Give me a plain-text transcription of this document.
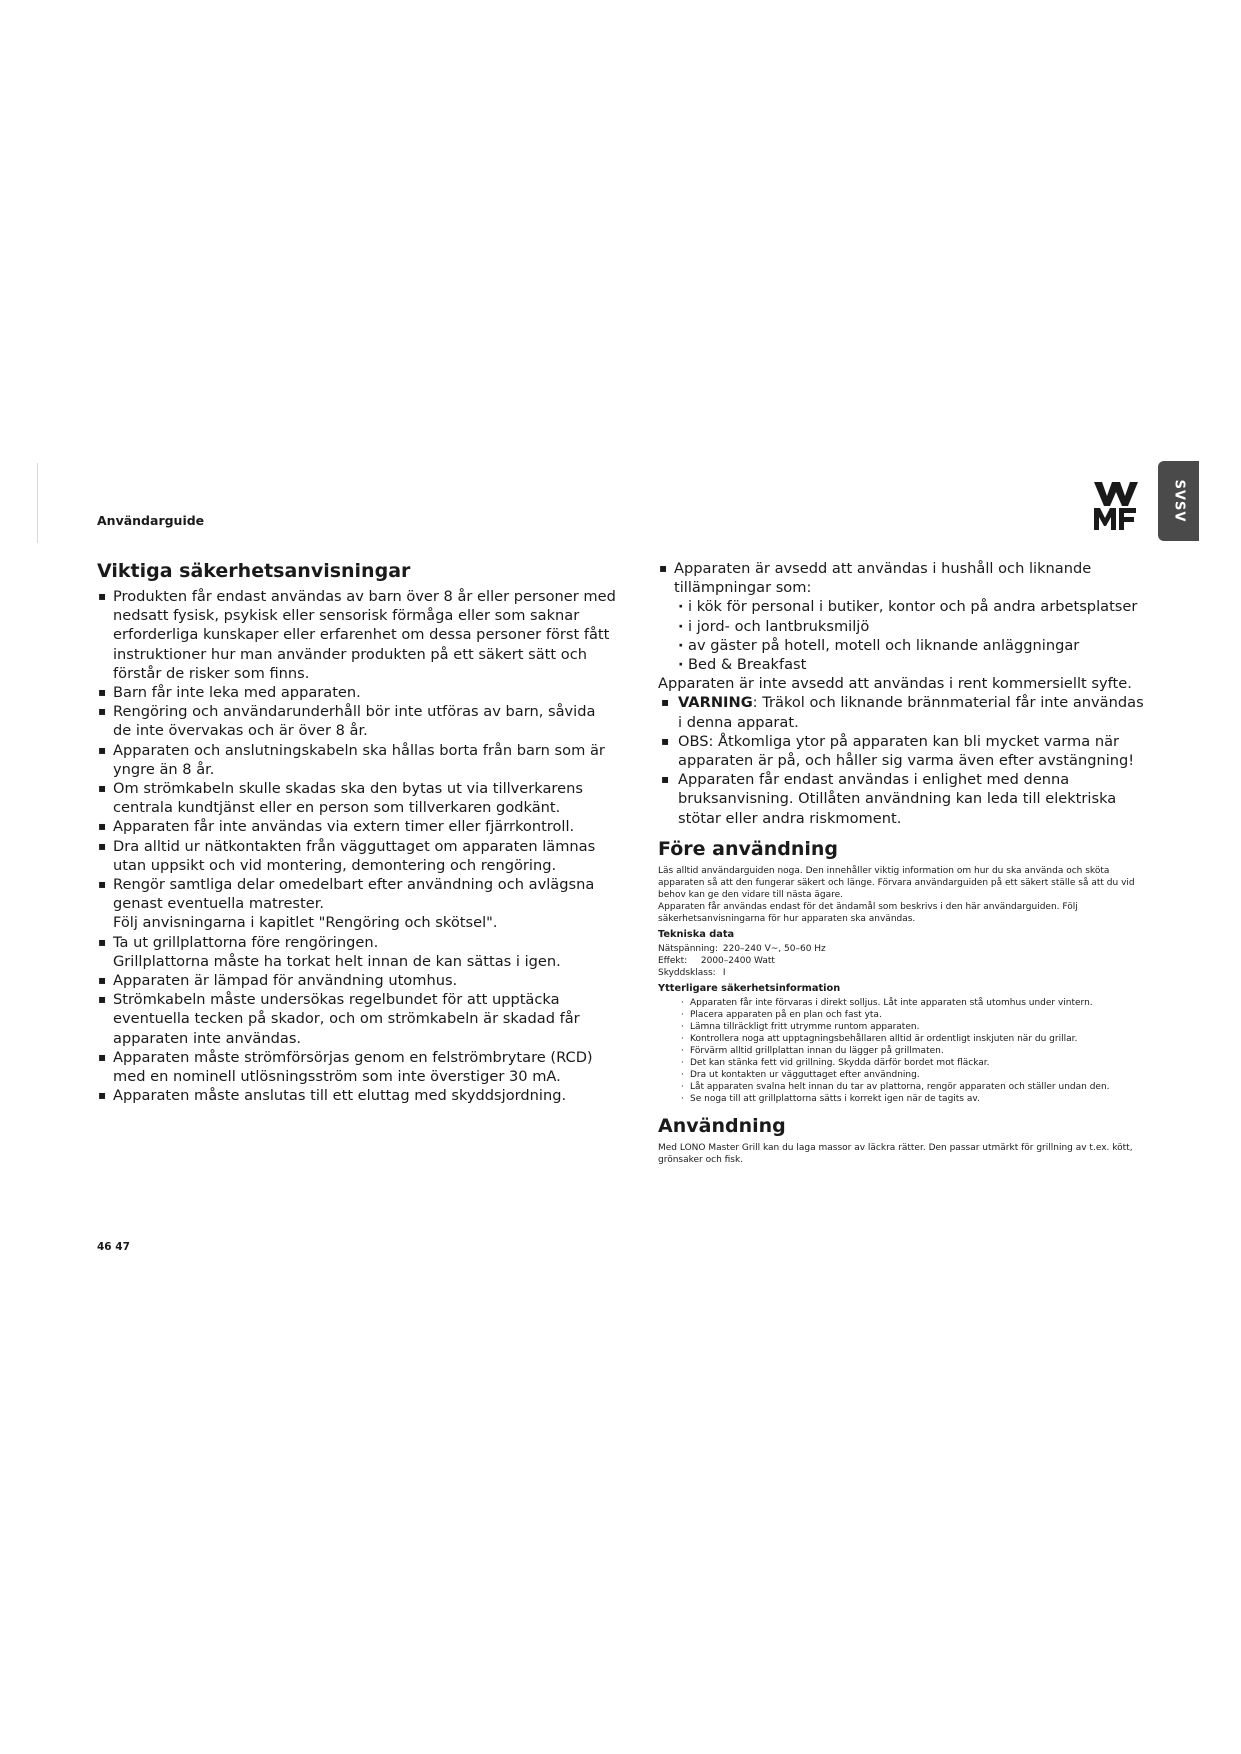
Användarguide	SVSV
Viktiga säkerhetsanvisningar
▪ Produkten får endast användas av barn över 8 år eller personer med nedsatt fysisk, psykisk eller sensorisk förmåga eller som saknar erforderliga kunskaper eller erfarenhet om dessa personer först fått instruktioner hur man använder produkten på ett säkert sätt och förstår de risker som finns.
▪ Barn får inte leka med apparaten.
▪ Rengöring och användarunderhåll bör inte utföras av barn, såvida de inte övervakas och är över 8 år.
▪ Apparaten och anslutningskabeln ska hållas borta från barn som är yngre än 8 år.
▪ Om strömkabeln skulle skadas ska den bytas ut via tillverkarens centrala kundtjänst eller en person som tillverkaren godkänt.
▪ Apparaten får inte användas via extern timer eller fjärrkontroll.
▪ Dra alltid ur nätkontakten från vägguttaget om apparaten lämnas utan uppsikt och vid montering, demontering och rengöring.
▪ Rengör samtliga delar omedelbart efter användning och avlägsna genast eventuella matrester.
Följ anvisningarna i kapitlet "Rengöring och skötsel".
▪ Ta ut grillplattorna före rengöringen.
Grillplattorna måste ha torkat helt innan de kan sättas i igen.
▪ Apparaten är lämpad för användning utomhus.
▪ Strömkabeln måste undersökas regelbundet för att upptäcka eventuella tecken på skador, och om strömkabeln är skadad får apparaten inte användas.
▪ Apparaten måste strömförsörjas genom en felströmbrytare (RCD) med en nominell utlösningsström som inte överstiger 30 mA.
▪ Apparaten måste anslutas till ett eluttag med skyddsjordning.
▪ Apparaten är avsedd att användas i hushåll och liknande tillämpningar som:
· i kök för personal i butiker, kontor och på andra arbetsplatser
· i jord- och lantbruksmiljö
· av gäster på hotell, motell och liknande anläggningar
· Bed & Breakfast
Apparaten är inte avsedd att användas i rent kommersiellt syfte.
▪ VARNING: Träkol och liknande brännmaterial får inte användas i denna apparat.
▪ OBS: Åtkomliga ytor på apparaten kan bli mycket varma när apparaten är på, och håller sig varma även efter avstängning!
▪ Apparaten får endast användas i enlighet med denna bruksanvisning. Otillåten användning kan leda till elektriska stötar eller andra riskmoment.
Före användning
Läs alltid användarguiden noga. Den innehåller viktig information om hur du ska använda och sköta apparaten så att den fungerar säkert och länge. Förvara användarguiden på ett säkert ställe så att du vid behov kan ge den vidare till nästa ägare.
Apparaten får användas endast för det ändamål som beskrivs i den här användarguiden. Följ säkerhetsanvisningarna för hur apparaten ska användas.
Tekniska data
Nätspänning: 220–240 V~, 50–60 Hz
Effekt: 2000–2400 Watt
Skyddsklass: I
Ytterligare säkerhetsinformation
· Apparaten får inte förvaras i direkt solljus. Låt inte apparaten stå utomhus under vintern.
· Placera apparaten på en plan och fast yta.
· Lämna tillräckligt fritt utrymme runtom apparaten.
· Kontrollera noga att upptagningsbehållaren alltid är ordentligt inskjuten när du grillar.
· Förvärm alltid grillplattan innan du lägger på grillmaten.
· Det kan stänka fett vid grillning. Skydda därför bordet mot fläckar.
· Dra ut kontakten ur vägguttaget efter användning.
· Låt apparaten svalna helt innan du tar av plattorna, rengör apparaten och ställer undan den.
· Se noga till att grillplattorna sätts i korrekt igen när de tagits av.
Användning
Med LONO Master Grill kan du laga massor av läckra rätter. Den passar utmärkt för grillning av t.ex. kött, grönsaker och fisk.
46 47
